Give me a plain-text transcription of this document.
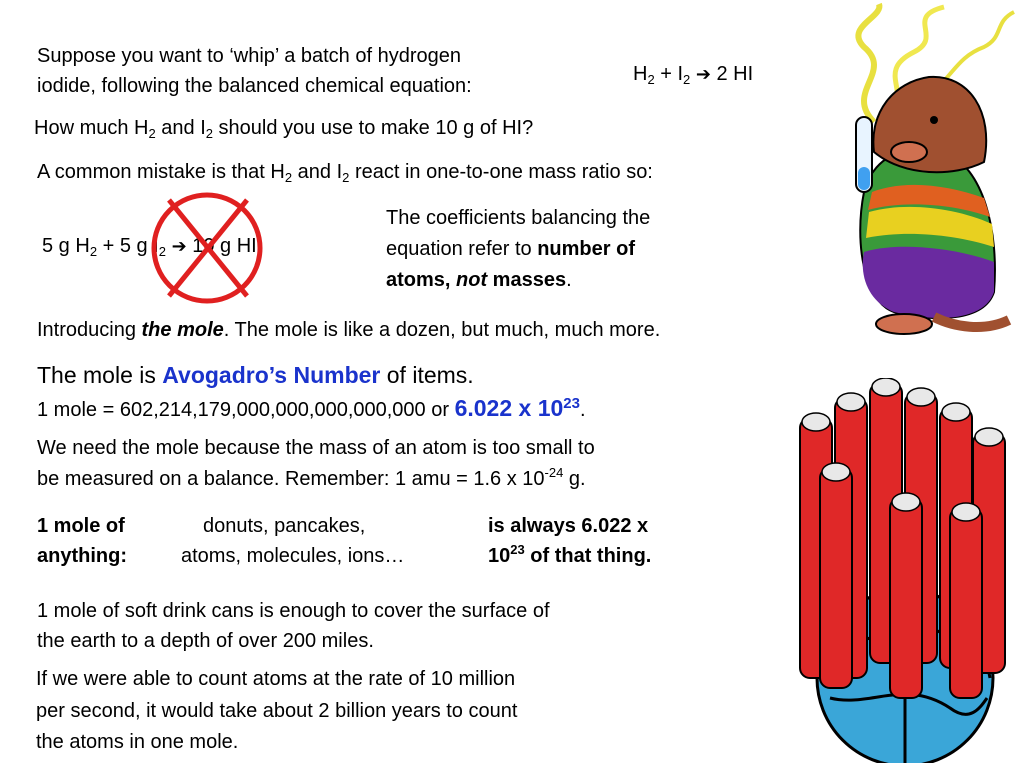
Suppose you want to ‘whip’ a batch of hydrogen
iodide, following the balanced chemical equation:
$H_2 + I_2$ ➔ 2 HI
How much $H_2$ and $I_2$ should you use to make 10 g of HI?
A common mistake is that $H_2$ and $I_2$ react in one-to-one mass ratio so:
5 g $H_2 + 5$ g $I_2$ ➔ 10 g HI
The coefficients balancing the
equation refer to number of
atoms, not masses.
Introducing the mole. The mole is like a dozen, but much, much more.
The mole is Avogadro’s Number of items.
1 mole = 602,214,179,000,000,000,000,000 or 6.022 x $10^{23}$.
We need the mole because the mass of an atom is too small to
be measured on a balance. Remember: 1 amu = 1.6 x $10^{-24}$ g.
1 mole of
anything:
donuts, pancakes,
atoms, molecules, ions…
is always 6.022 x
$10^{23}$ of that thing.
1 mole of soft drink cans is enough to cover the surface of
the earth to a depth of over 200 miles.
If we were able to count atoms at the rate of 10 million
per second, it would take about 2 billion years to count
the atoms in one mole.
